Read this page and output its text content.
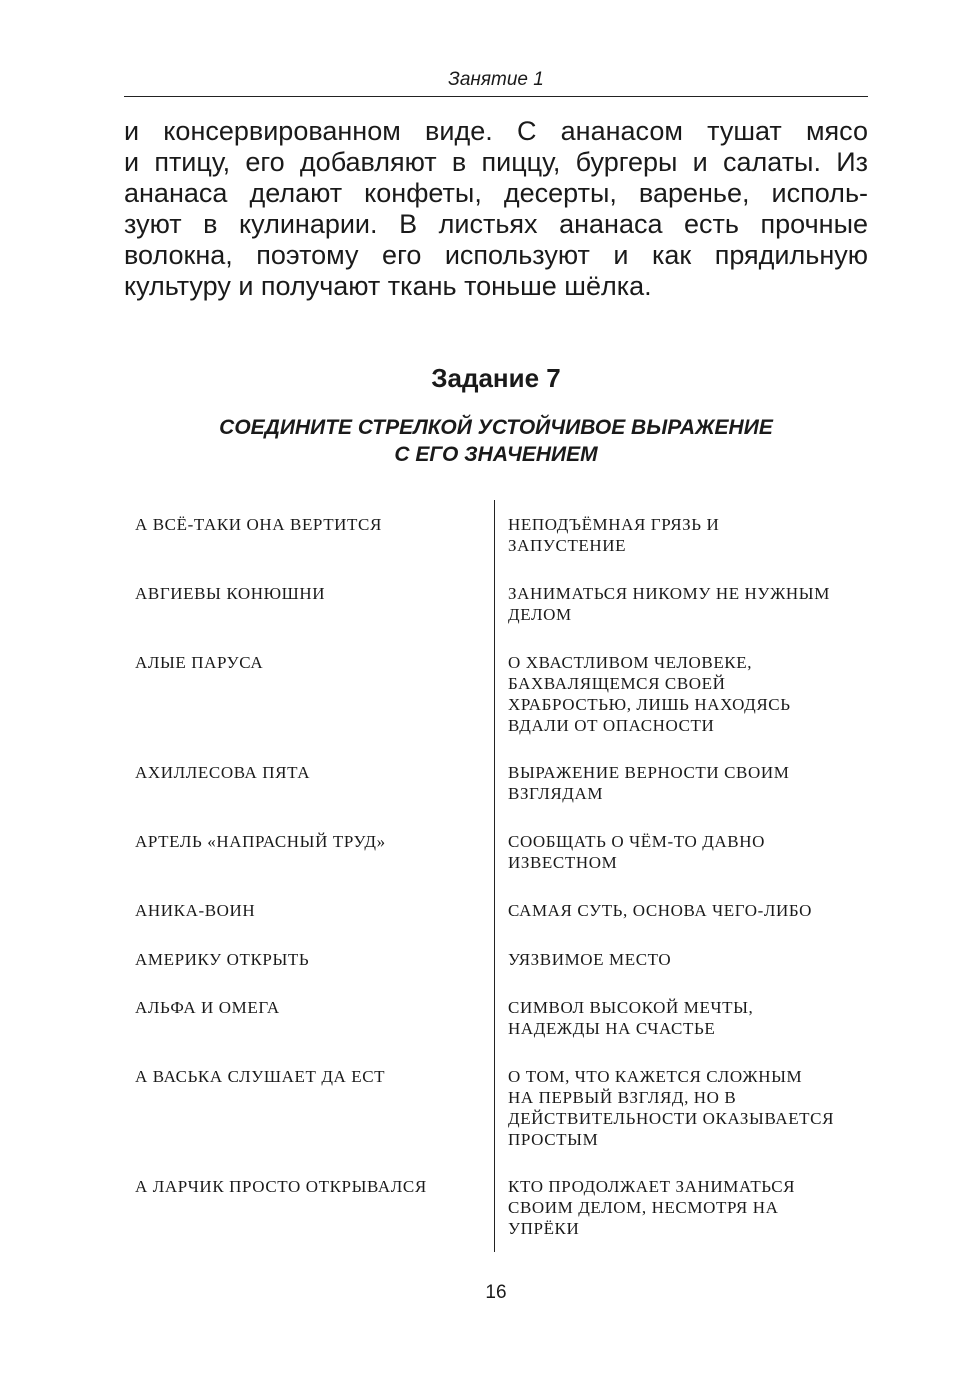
Занятие 1
и консервированном виде. С ананасом тушат мясо
и птицу, его добавляют в пиццу, бургеры и салаты. Из
ананаса делают конфеты, десерты, варенье, исполь-
зуют в кулинарии. В листьях ананаса есть прочные
волокна, поэтому его используют и как прядильную
культуру и получают ткань тоньше шёлка.
Задание 7
СОЕДИНИТЕ СТРЕЛКОЙ УСТОЙЧИВОЕ ВЫРАЖЕНИЕ
С ЕГО ЗНАЧЕНИЕМ
А ВСЁ-ТАКИ ОНА ВЕРТИТСЯ
АВГИЕВЫ КОНЮШНИ
АЛЫЕ ПАРУСА
АХИЛЛЕСОВА ПЯТА
АРТЕЛЬ «НАПРАСНЫЙ ТРУД»
АНИКА-ВОИН
АМЕРИКУ ОТКРЫТЬ
АЛЬФА И ОМЕГА
А ВАСЬКА СЛУШАЕТ ДА ЕСТ
А ЛАРЧИК ПРОСТО ОТКРЫВАЛСЯ
НЕПОДЪЁМНАЯ ГРЯЗЬ И
ЗАПУСТЕНИЕ
ЗАНИМАТЬСЯ НИКОМУ НЕ НУЖНЫМ
ДЕЛОМ
О ХВАСТЛИВОМ ЧЕЛОВЕКЕ,
БАХВАЛЯЩЕМСЯ СВОЕЙ
ХРАБРОСТЬЮ, ЛИШЬ НАХОДЯСЬ
ВДАЛИ ОТ ОПАСНОСТИ
ВЫРАЖЕНИЕ ВЕРНОСТИ СВОИМ
ВЗГЛЯДАМ
СООБЩАТЬ О ЧЁМ-ТО ДАВНО
ИЗВЕСТНОМ
САМАЯ СУТЬ, ОСНОВА ЧЕГО-ЛИБО
УЯЗВИМОЕ МЕСТО
СИМВОЛ ВЫСОКОЙ МЕЧТЫ,
НАДЕЖДЫ НА СЧАСТЬЕ
О ТОМ, ЧТО КАЖЕТСЯ СЛОЖНЫМ
НА ПЕРВЫЙ ВЗГЛЯД, НО В
ДЕЙСТВИТЕЛЬНОСТИ ОКАЗЫВАЕТСЯ
ПРОСТЫМ
КТО ПРОДОЛЖАЕТ ЗАНИМАТЬСЯ
СВОИМ ДЕЛОМ, НЕСМОТРЯ НА
УПРЁКИ
16
